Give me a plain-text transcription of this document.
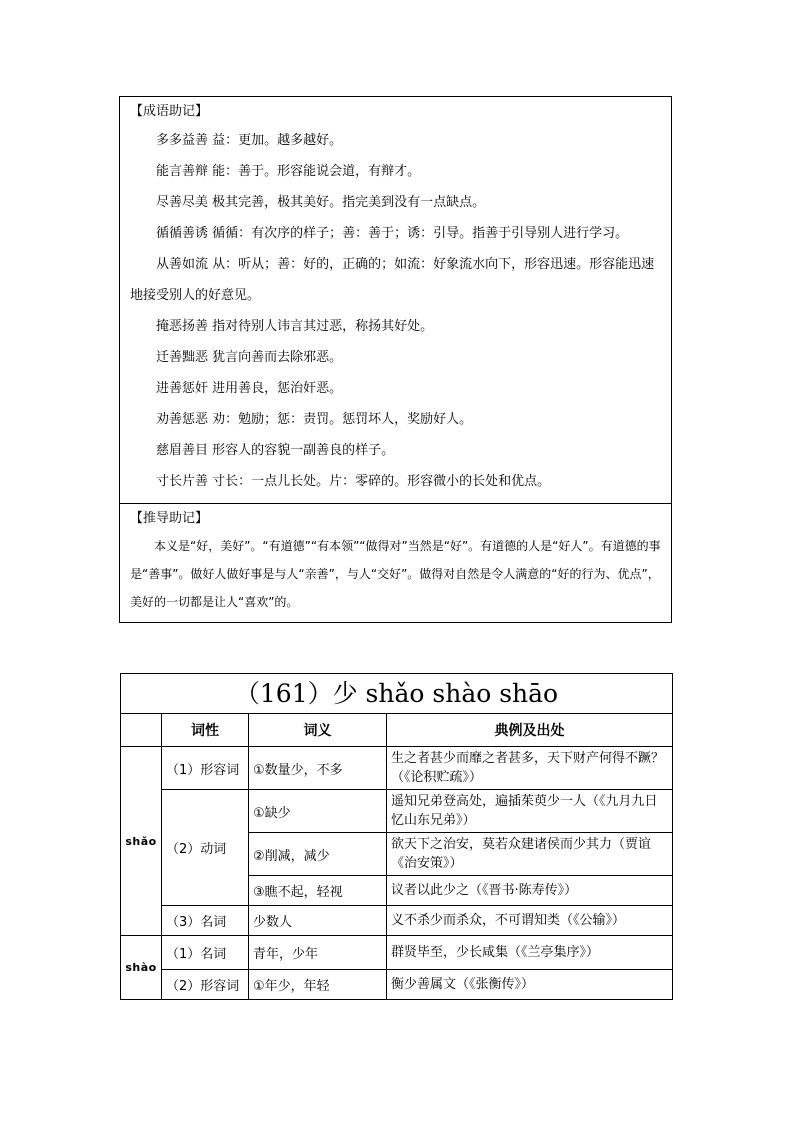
【成语助记】
多多益善 益：更加。越多越好。
能言善辩 能：善于。形容能说会道，有辩才。
尽善尽美 极其完善，极其美好。指完美到没有一点缺点。
循循善诱 循循：有次序的样子；善：善于；诱：引导。指善于引导别人进行学习。
从善如流 从：听从；善：好的，正确的；如流：好象流水向下，形容迅速。形容能迅速地接受别人的好意见。
掩恶扬善 指对待别人讳言其过恶，称扬其好处。
迁善黜恶 犹言向善而去除邪恶。
进善惩奸 进用善良，惩治奸恶。
劝善惩恶 劝：勉励；惩：责罚。惩罚坏人，奖励好人。
慈眉善目 形容人的容貌一副善良的样子。
寸长片善 寸长：一点儿长处。片：零碎的。形容微小的长处和优点。
【推导助记】
本义是“好，美好”。“有道德”“有本领”“做得对”当然是“好”。有道德的人是“好人”。有道德的事是“善事”。做好人做好事是与人“亲善”，与人“交好”。做得对自然是令人满意的“好的行为、优点”，美好的一切都是让人“喜欢”的。
（161）少 shǎo shào shāo
	词性	词义	典例及出处
shǎo	（1）形容词	①数量少，不多	生之者甚少而靡之者甚多，天下财产何得不蹶？（《论积贮疏》）
	（2）动词	①缺少	遥知兄弟登高处，遍插茱萸少一人（《九月九日忆山东兄弟》）
		②削减，减少	欲天下之治安，莫若众建诸侯而少其力（贾谊《治安策》）
		③瞧不起，轻视	议者以此少之（《晋书·陈寿传》）
	（3）名词	少数人	义不杀少而杀众，不可谓知类（《公输》）
shào	（1）名词	青年，少年	群贤毕至，少长咸集（《兰亭集序》）
	（2）形容词	①年少，年轻	衡少善属文（《张衡传》）
